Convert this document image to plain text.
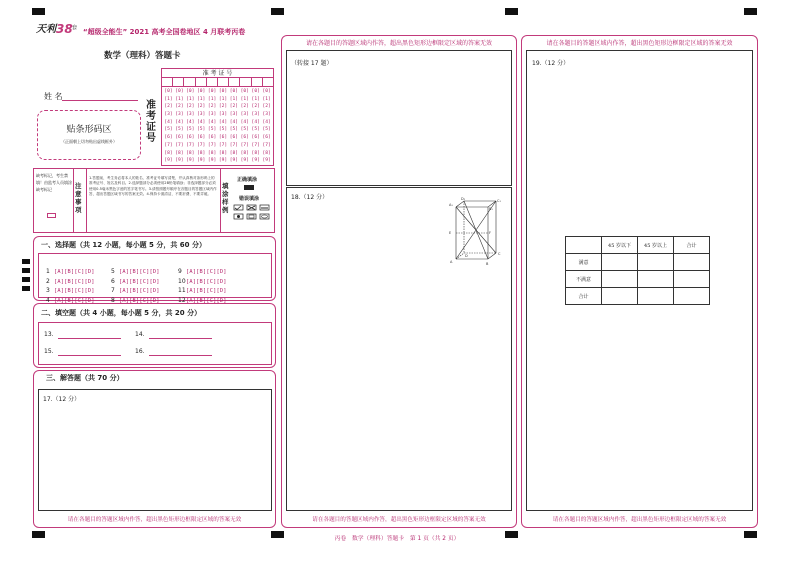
天利 38 套 “超级全能生” 2021 高考全国卷地区 4 月联考丙卷
数学（理科）答题卡
姓 名
准考证号
贴条形码区
（正面朝上切勿贴出虚线框外）
准 考 证 号
[0] [0] [0] [0] [0] [0] [0] [0] [0] [0]
[1] [1] [1] [1] [1] [1] [1] [1] [1] [1]
[2] [2] [2] [2] [2] [2] [2] [2] [2] [2]
[3] [3] [3] [3] [3] [3] [3] [3] [3] [3]
[4] [4] [4] [4] [4] [4] [4] [4] [4] [4]
[5] [5] [5] [5] [5] [5] [5] [5] [5] [5]
[6] [6] [6] [6] [6] [6] [6] [6] [6] [6]
[7] [7] [7] [7] [7] [7] [7] [7] [7] [7]
[8] [8] [8] [8] [8] [8] [8] [8] [8] [8]
[9] [9] [9] [9] [9] [9] [9] [9] [9] [9]
缺考标记，考生禁填！由监考人员填涂缺考标记	注意事项
1.答题前，考生务必将本人的姓名、准考证号填写清楚，并认真核对条形码上的准考证号、姓名及科目。2.选择题部分必须使用2B铅笔填涂；非选择题部分必须使用0.5毫米黑色字迹的签字笔书写。3.请按照题号顺序在各题目的答题区域内作答，超出答题区域书写的答案无效。4.保持卡面清洁，不要折叠、不要弄破。
填涂样例
正确填涂
错误填涂
一、选择题（共 12 小题，每小题 5 分，共 60 分）
1 [A][B][C][D]
2 [A][B][C][D]
3 [A][B][C][D]
4 [A][B][C][D]
5 [A][B][C][D]
6 [A][B][C][D]
7 [A][B][C][D]
8 [A][B][C][D]
9 [A][B][C][D]
10[A][B][C][D]
11[A][B][C][D]
12[A][B][C][D]
二、填空题（共 4 小题，每小题 5 分，共 20 分）
13.	14.
15.	16.
三、解答题（共 70 分）
17.（12 分）
请在各题目的答题区域内作答，超出黑色矩形边框限定区域的答案无效
请在各题目的答题区域内作答，超出黑色矩形边框限定区域的答案无效
（转接 17 题）
18.（12 分）
A₁
B₁
C₁
D₁
A	B
C
D
E	F
请在各题目的答题区域内作答，超出黑色矩形边框限定区域的答案无效
请在各题目的答题区域内作答，超出黑色矩形边框限定区域的答案无效
19.（12 分）
	45 岁以下	45 岁以上	合计
满意			
不满意			
合计			
请在各题目的答题区域内作答，超出黑色矩形边框限定区域的答案无效
丙卷　数学（理科）答题卡　第 1 页（共 2 页）
